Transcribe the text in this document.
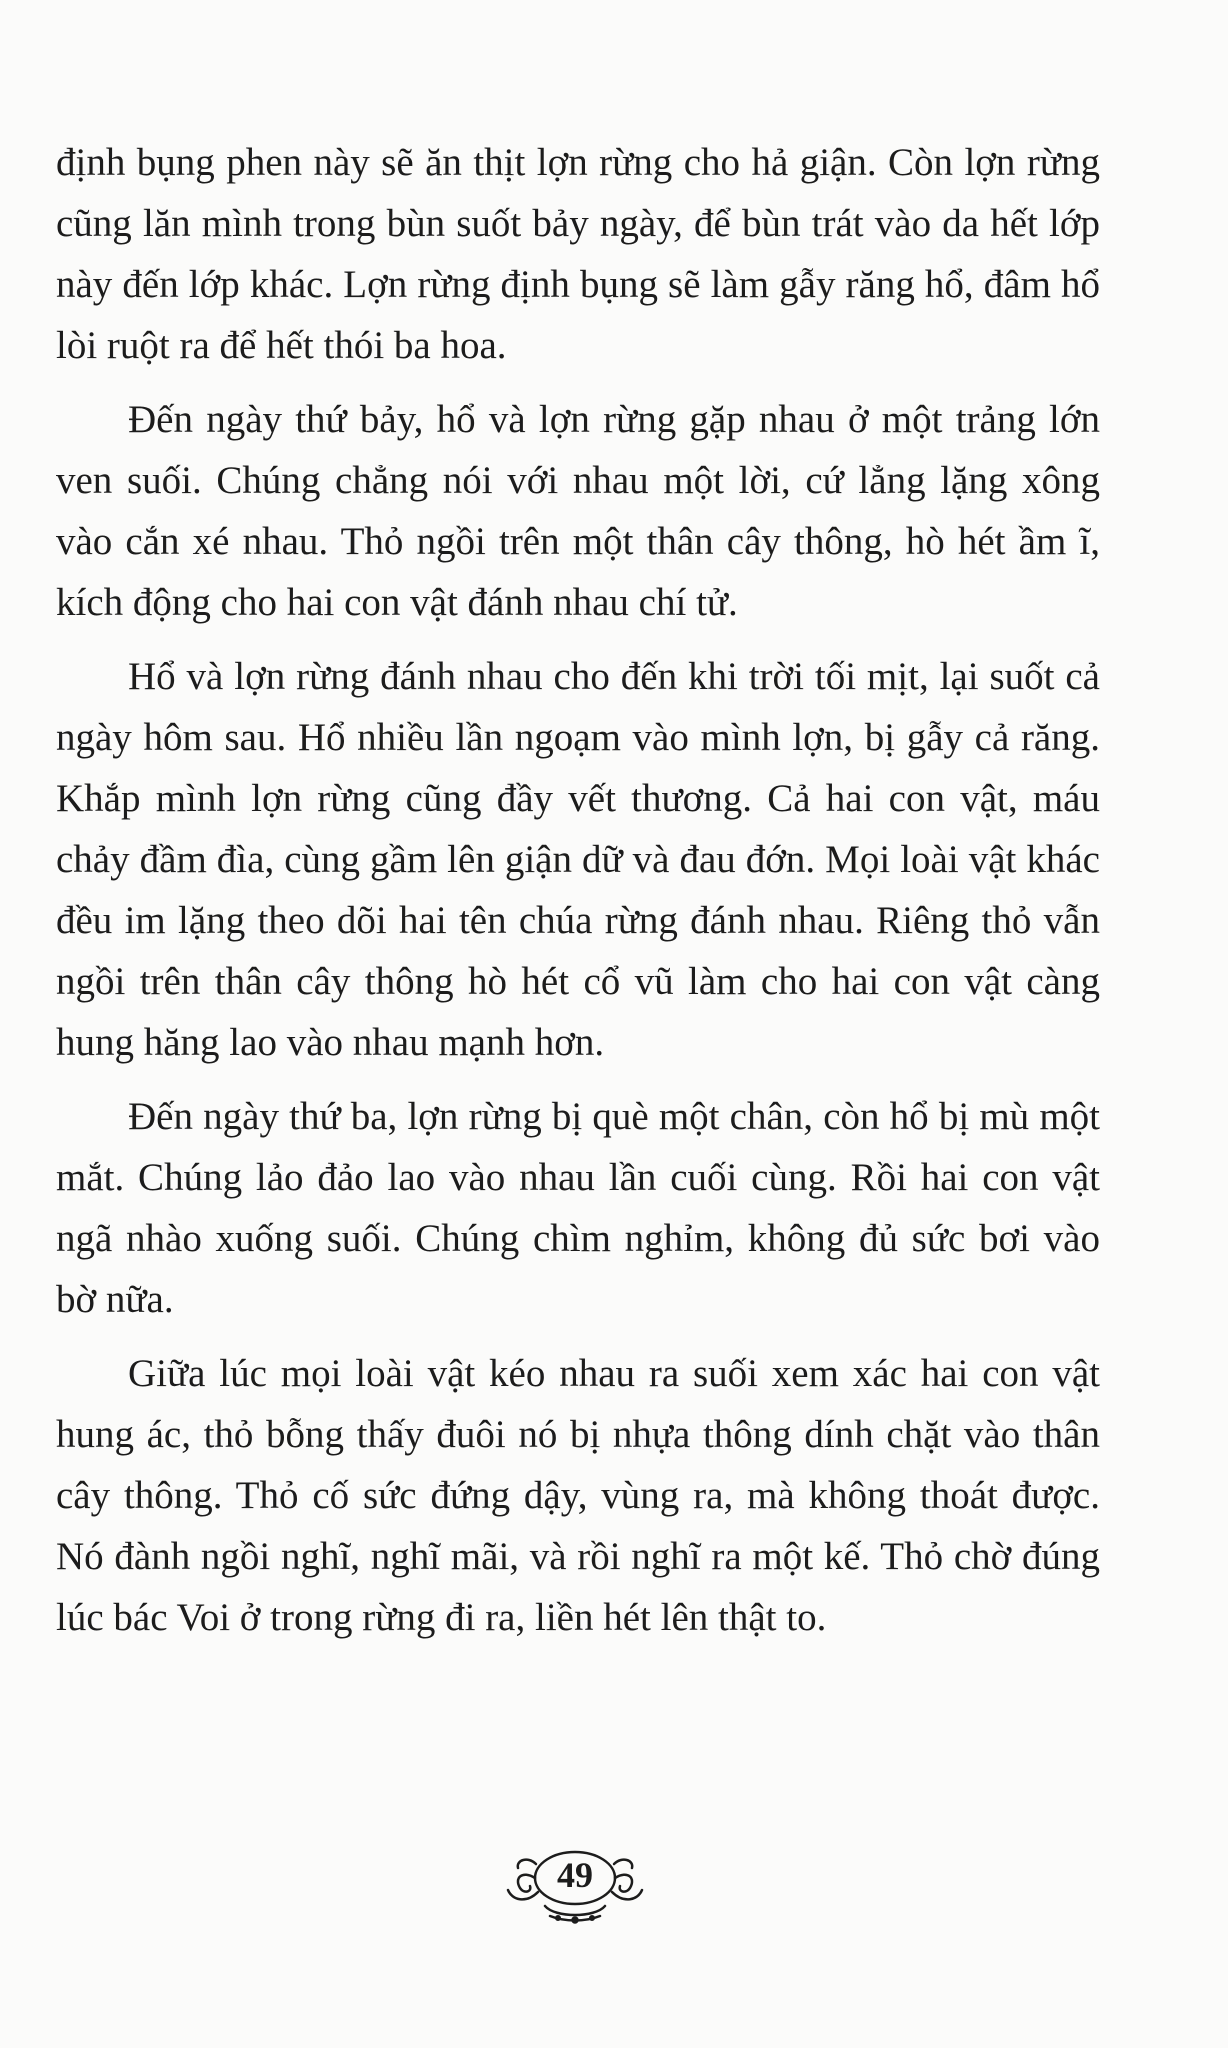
định bụng phen này sẽ ăn thịt lợn rừng cho hả giận. Còn lợn rừng cũng lăn mình trong bùn suốt bảy ngày, để bùn trát vào da hết lớp này đến lớp khác. Lợn rừng định bụng sẽ làm gẫy răng hổ, đâm hổ lòi ruột ra để hết thói ba hoa.

Đến ngày thứ bảy, hổ và lợn rừng gặp nhau ở một trảng lớn ven suối. Chúng chẳng nói với nhau một lời, cứ lẳng lặng xông vào cắn xé nhau. Thỏ ngồi trên một thân cây thông, hò hét ầm ĩ, kích động cho hai con vật đánh nhau chí tử.

Hổ và lợn rừng đánh nhau cho đến khi trời tối mịt, lại suốt cả ngày hôm sau. Hổ nhiều lần ngoạm vào mình lợn, bị gẫy cả răng. Khắp mình lợn rừng cũng đầy vết thương. Cả hai con vật, máu chảy đầm đìa, cùng gầm lên giận dữ và đau đớn. Mọi loài vật khác đều im lặng theo dõi hai tên chúa rừng đánh nhau. Riêng thỏ vẫn ngồi trên thân cây thông hò hét cổ vũ làm cho hai con vật càng hung hăng lao vào nhau mạnh hơn.

Đến ngày thứ ba, lợn rừng bị què một chân, còn hổ bị mù một mắt. Chúng lảo đảo lao vào nhau lần cuối cùng. Rồi hai con vật ngã nhào xuống suối. Chúng chìm nghỉm, không đủ sức bơi vào bờ nữa.

Giữa lúc mọi loài vật kéo nhau ra suối xem xác hai con vật hung ác, thỏ bỗng thấy đuôi nó bị nhựa thông dính chặt vào thân cây thông. Thỏ cố sức đứng dậy, vùng ra, mà không thoát được. Nó đành ngồi nghĩ, nghĩ mãi, và rồi nghĩ ra một kế. Thỏ chờ đúng lúc bác Voi ở trong rừng đi ra, liền hét lên thật to.

49
